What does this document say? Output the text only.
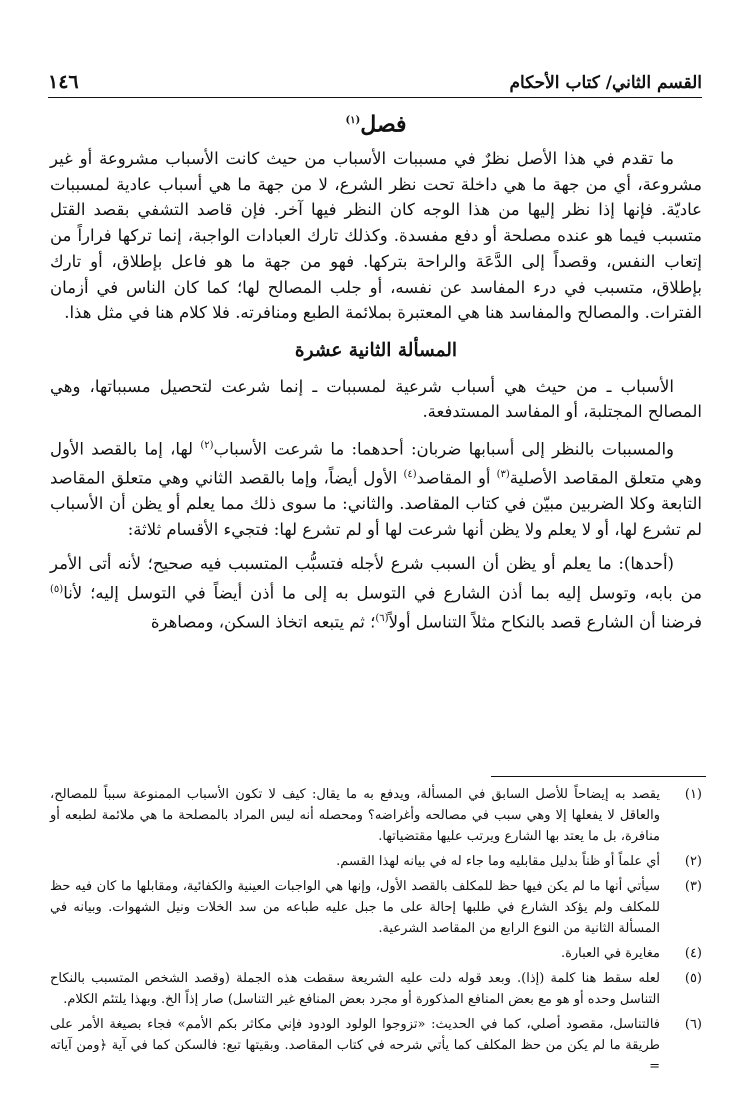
القسم الثاني/ كتاب الأحكام
١٤٦
فصل$^{(١)}$

ما تقدم في هذا الأصل نظرٌ في مسببات الأسباب من حيث كانت الأسباب مشروعة أو غير مشروعة، أي من جهة ما هي داخلة تحت نظر الشرع، لا من جهة ما هي أسباب عادية لمسببات عاديّة. فإنها إذا نظر إليها من هذا الوجه كان النظر فيها آخر. فإن قاصد التشفي بقصد القتل متسبب فيما هو عنده مصلحة أو دفع مفسدة. وكذلك تارك العبادات الواجبة، إنما تركها فراراً من إتعاب النفس، وقصداً إلى الدَّعَة والراحة بتركها. فهو من جهة ما هو فاعل بإطلاق، أو تارك بإطلاق، متسبب في درء المفاسد عن نفسه، أو جلب المصالح لها؛ كما كان الناس في أزمان الفترات. والمصالح والمفاسد هنا هي المعتبرة بملائمة الطبع ومنافرته. فلا كلام هنا في مثل هذا.

المسألة الثانية عشرة

الأسباب ـ من حيث هي أسباب شرعية لمسببات ـ إنما شرعت لتحصيل مسبباتها، وهي المصالح المجتلبة، أو المفاسد المستدفعة.

والمسببات بالنظر إلى أسبابها ضربان: أحدهما: ما شرعت الأسباب$^{(٢)}$ لها، إما بالقصد الأول وهي متعلق المقاصد الأصلية$^{(٣)}$ أو المقاصد$^{(٤)}$ الأول أيضاً، وإما بالقصد الثاني وهي متعلق المقاصد التابعة وكلا الضربين مبيّن في كتاب المقاصد. والثاني: ما سوى ذلك مما يعلم أو يظن أن الأسباب لم تشرع لها، أو لا يعلم ولا يظن أنها شرعت لها أو لم تشرع لها: فتجيء الأقسام ثلاثة:

(أحدها): ما يعلم أو يظن أن السبب شرع لأجله فتسبُّب المتسبب فيه صحيح؛ لأنه أتى الأمر من بابه، وتوسل إليه بما أذن الشارع في التوسل به إلى ما أذن أيضاً في التوسل إليه؛ لأنا$^{(٥)}$ فرضنا أن الشارع قصد بالنكاح مثلاً التناسل أولاً$^{(٦)}$؛ ثم يتبعه اتخاذ السكن، ومصاهرة

(١)
يقصد به إيضاحاً للأصل السابق في المسألة، ويدفع به ما يقال: كيف لا تكون الأسباب الممنوعة سبباً للمصالح، والعاقل لا يفعلها إلا وهي سبب في مصالحه وأغراضه؟ ومحصله أنه ليس المراد بالمصلحة ما هي ملائمة لطبعه أو منافرة، بل ما يعتد بها الشارع ويرتب عليها مقتضياتها.
(٢)
أي علماً أو ظناً بدليل مقابليه وما جاء له في بيانه لهذا القسم.
(٣)
سيأتي أنها ما لم يكن فيها حظ للمكلف بالقصد الأول، وإنها هي الواجبات العينية والكفائية، ومقابلها ما كان فيه حظ للمكلف ولم يؤكد الشارع في طلبها إحالة على ما جبل عليه طباعه من سد الخلات ونيل الشهوات. وبيانه في المسألة الثانية من النوع الرابع من المقاصد الشرعية.
(٤)
مغايرة في العبارة.
(٥)
لعله سقط هنا كلمة (إذا). وبعد قوله دلت عليه الشريعة سقطت هذه الجملة (وقصد الشخص المتسبب بالنكاح التناسل وحده أو هو مع بعض المنافع المذكورة أو مجرد بعض المنافع غير التناسل) صار إذاً الخ. وبهذا يلتئم الكلام.
(٦)
فالتناسل، مقصود أصلي، كما في الحديث: «تزوجوا الولود الودود فإني مكاثر بكم الأمم» فجاء بصيغة الأمر على طريقة ما لم يكن من حظ المكلف كما يأتي شرحه في كتاب المقاصد. وبقيتها تبع: فالسكن كما في آية ﴿ومن آياته =
